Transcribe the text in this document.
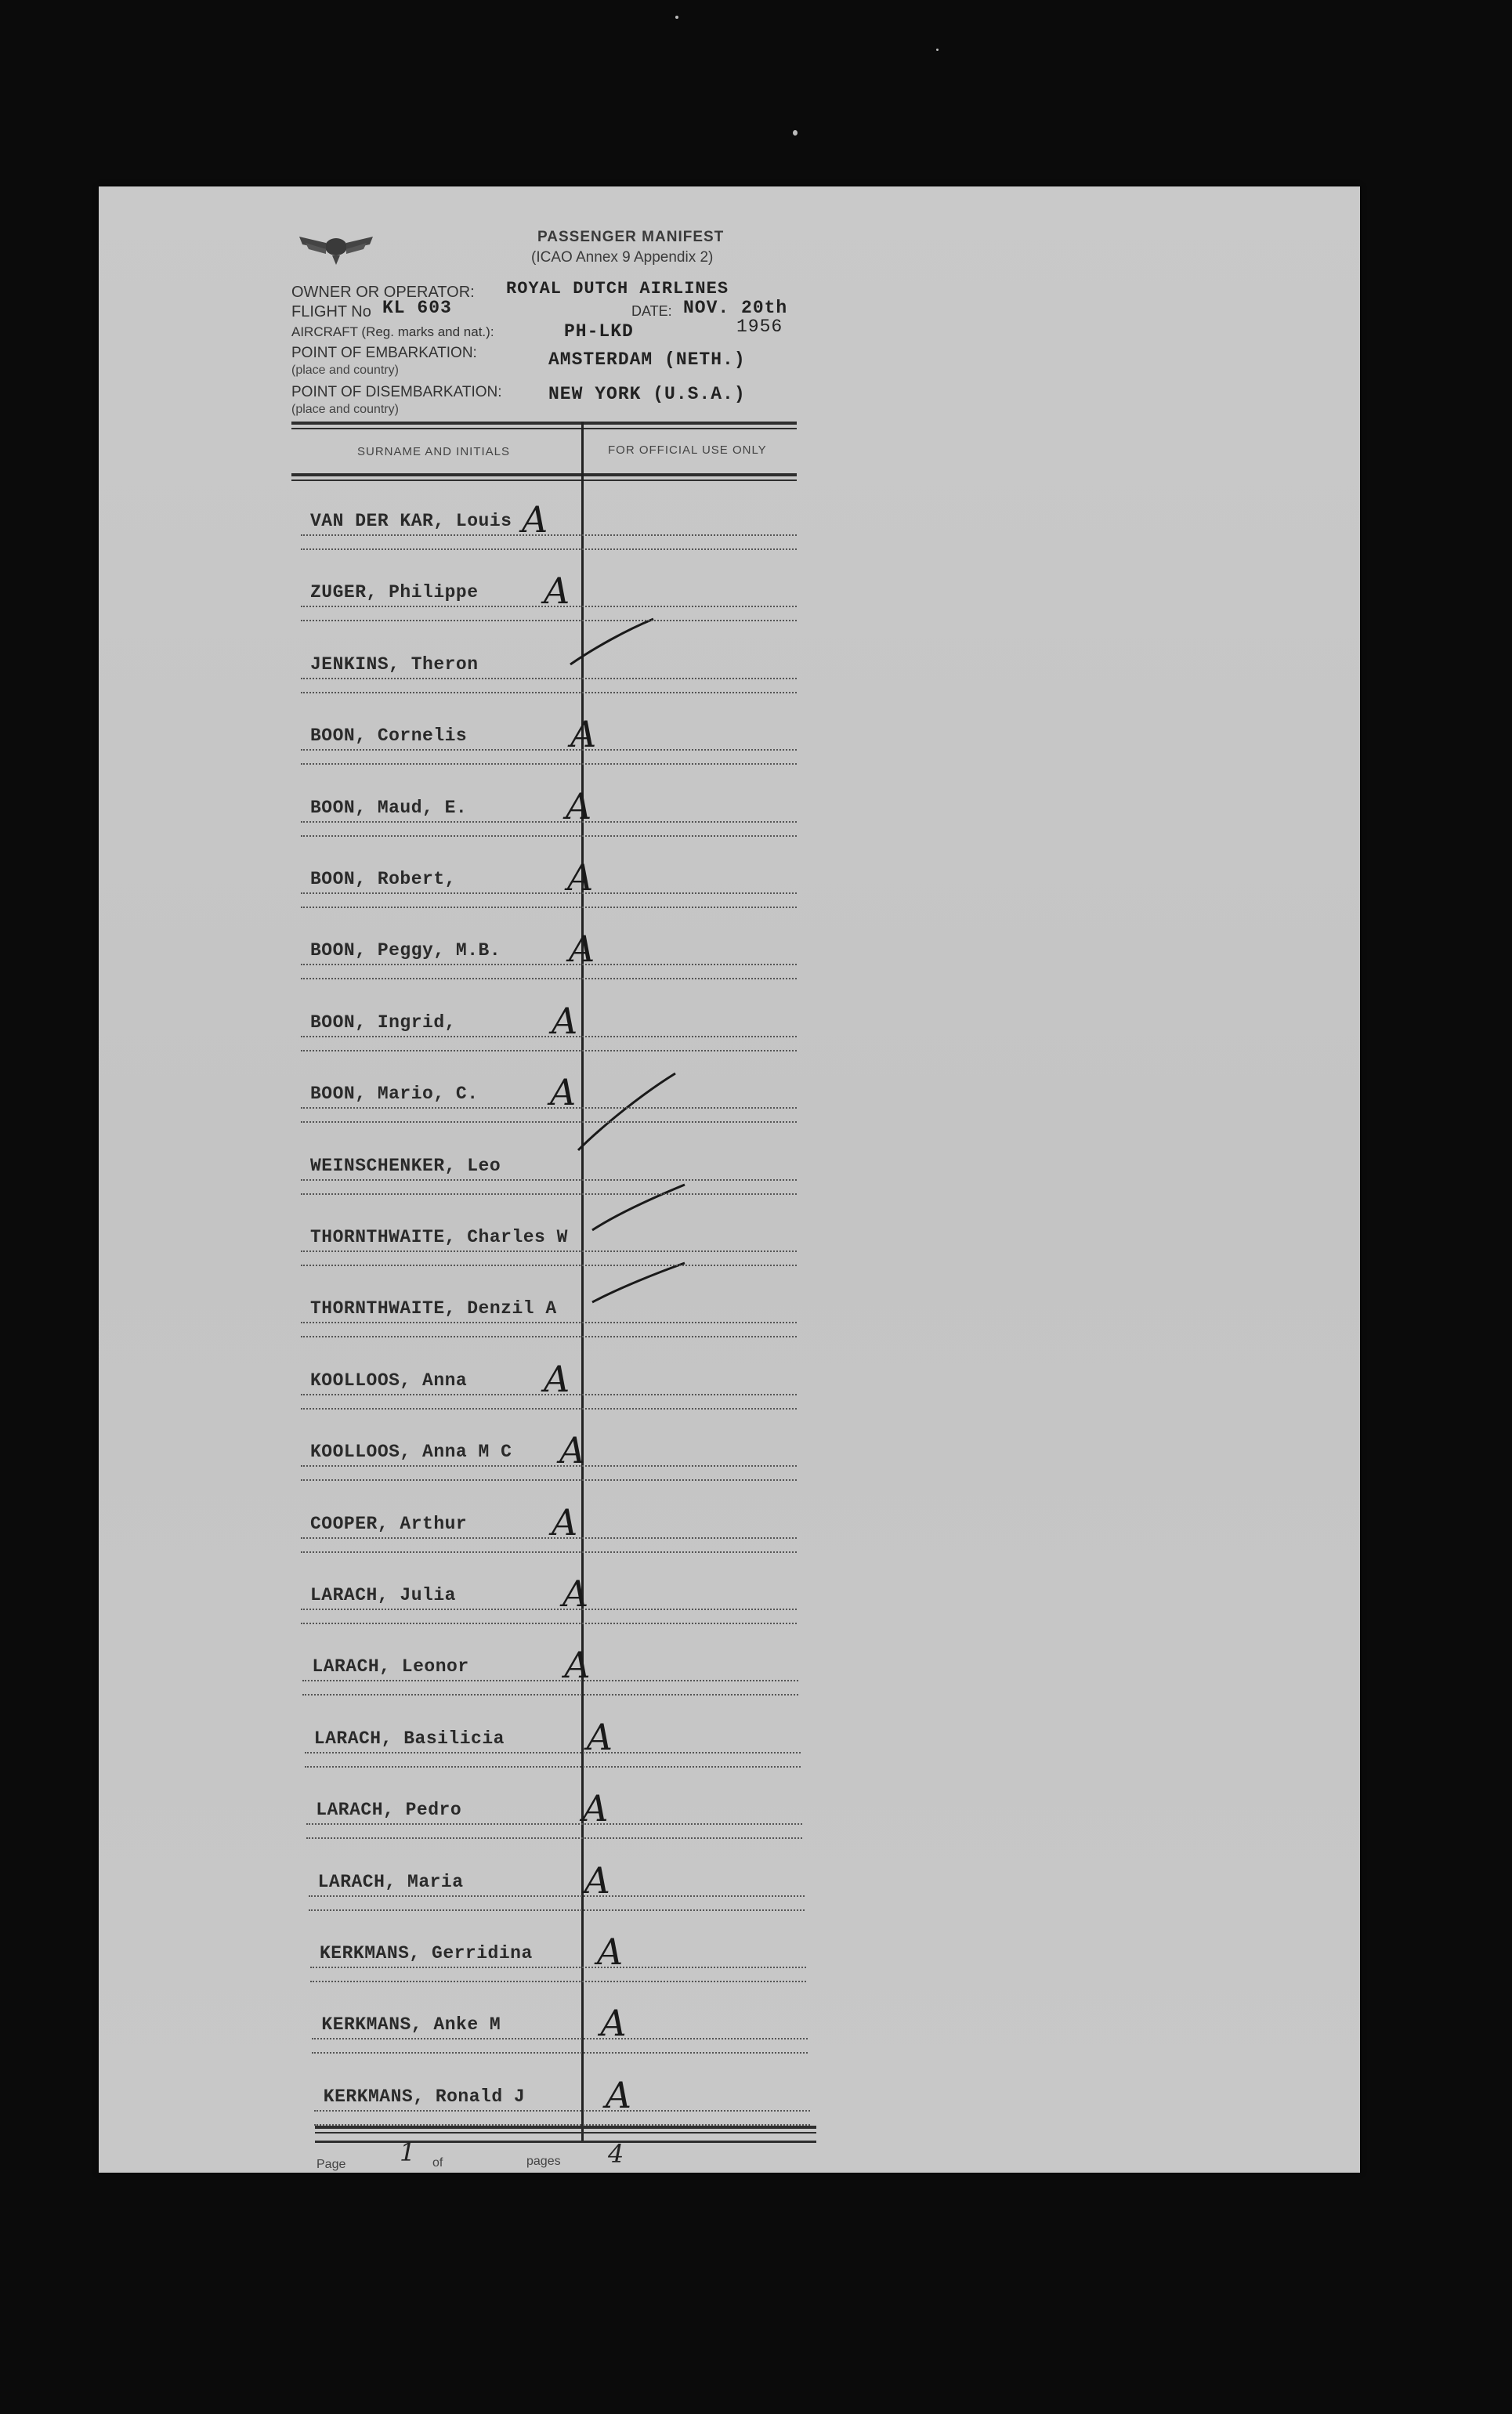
PASSENGER MANIFEST
(ICAO Annex 9 Appendix 2)
OWNER OR OPERATOR: ROYAL DUTCH AIRLINES
FLIGHT No KL 603	DATE: NOV. 20th
AIRCRAFT (Reg. marks and nat.):	PH-LKD	1956
POINT OF EMBARKATION:
(place and country)
AMSTERDAM (NETH.)
POINT OF DISEMBARKATION:
(place and country)
NEW YORK (U.S.A.)
SURNAME AND INITIALS	FOR OFFICIAL USE ONLY
Page 1 of	pages 4
VAN DER KAR, Louis A
ZUGER, Philippe A
JENKINS, Theron
BOON, Cornelis	A
BOON, Maud, E.	A
BOON, Robert,	A
BOON, Peggy, M.B. A
BOON, Ingrid,	A
BOON, Mario, C. A
WEINSCHENKER, Leo
THORNTHWAITE, Charles W
THORNTHWAITE, Denzil A
KOOLLOOS, Anna A
KOOLLOOS, Anna M C A
COOPER, Arthur A
LARACH, Julia	A
LARACH, Leonor	A
LARACH, Basilicia A
LARACH, Pedro	A
LARACH, Maria	A
KERKMANS, Gerridina A
KERKMANS, Anke M	A
KERKMANS, Ronald J A
